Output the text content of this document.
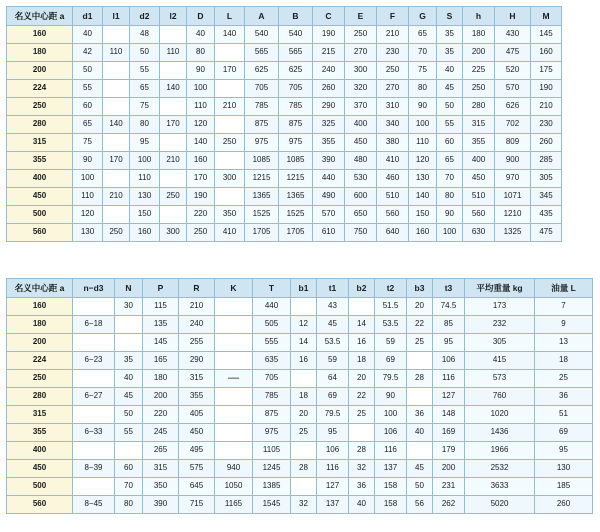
名义中心距 a	d1	l1	d2	l2	D	L	A	B	C	E	F	G	S	h	H	M
160	40		48		40	140	540	540	190	250	210	65	35	180	430	145
180	42	110	50	110	80		565	565	215	270	230	70	35	200	475	160
200	50		55		90	170	625	625	240	300	250	75	40	225	520	175
224	55		65	140	100		705	705	260	320	270	80	45	250	570	190
250	60		75		110	210	785	785	290	370	310	90	50	280	626	210
280	65	140	80	170	120		875	875	325	400	340	100	55	315	702	230
315	75		95		140	250	975	975	355	450	380	110	60	355	809	260
355	90	170	100	210	160		1085	1085	390	480	410	120	65	400	900	285
400	100		110		170	300	1215	1215	440	530	460	130	70	450	970	305
450	110	210	130	250	190		1365	1365	490	600	510	140	80	510	1071	345
500	120		150		220	350	1525	1525	570	650	560	150	90	560	1210	435
560	130	250	160	300	250	410	1705	1705	610	750	640	160	100	630	1325	475
名义中心距 a	n−d3	N	P	R	K	T	b1	t1	b2	t2	b3	t3	平均重量 kg	油量 L
160		30	115	210		440		43		51.5	20	74.5	173	7
180	6−18		135	240		505	12	45	14	53.5	22	85	232	9
200			145	255		555	14	53.5	16	59	25	95	305	13
224	6−23	35	165	290		635	16	59	18	69		106	415	18
250		40	180	315	—	705		64	20	79.5	28	116	573	25
280	6−27	45	200	355		785	18	69	22	90		127	760	36
315		50	220	405		875	20	79.5	25	100	36	148	1020	51
355	6−33	55	245	450		975	25	95		106	40	169	1436	69
400			265	495		1105		106	28	116		179	1966	95
450	8−39	60	315	575	940	1245	28	116	32	137	45	200	2532	130
500		70	350	645	1050	1385		127	36	158	50	231	3633	185
560	8−45	80	390	715	1165	1545	32	137	40	158	56	262	5020	260
